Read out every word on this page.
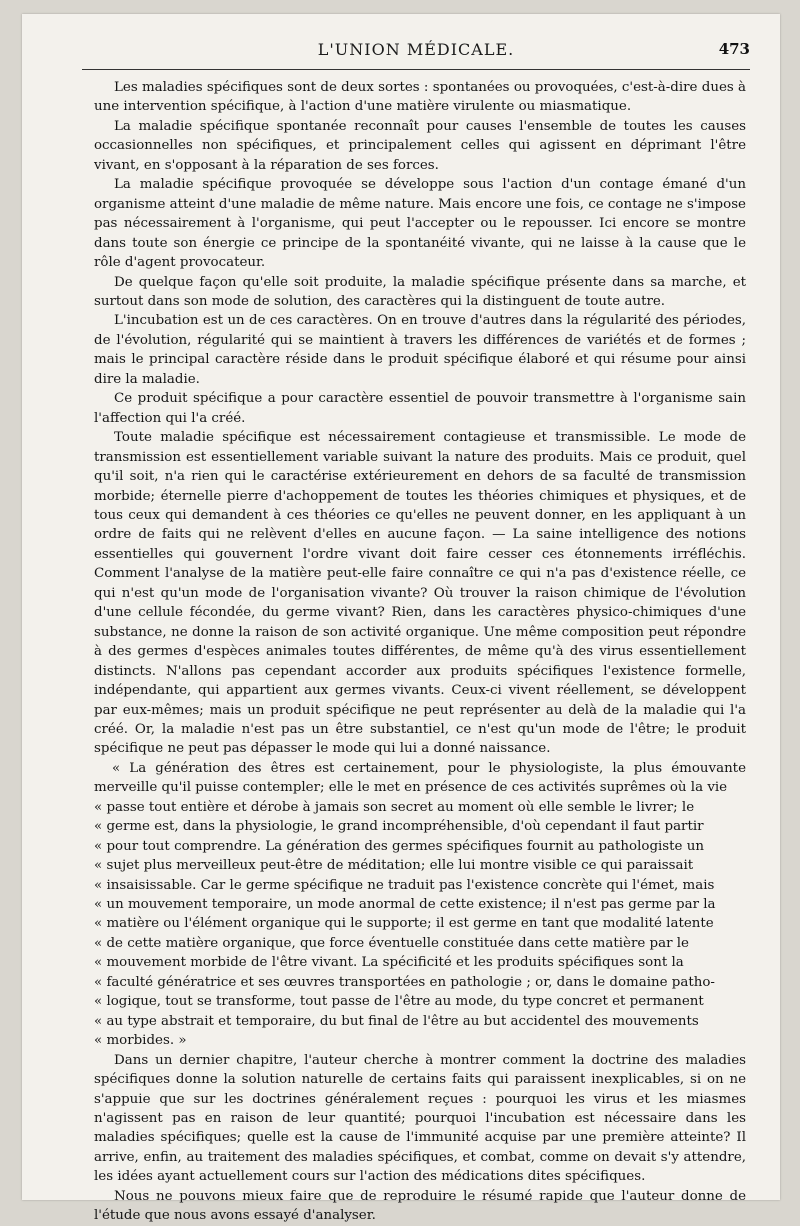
L'UNION MÉDICALE.	473

Les maladies spécifiques sont de deux sortes : spontanées ou provoquées, c'est-à-dire dues à une intervention spécifique, à l'action d'une matière virulente ou miasmatique.

La maladie spécifique spontanée reconnaît pour causes l'ensemble de toutes les causes occasionnelles non spécifiques, et principalement celles qui agissent en déprimant l'être vivant, en s'opposant à la réparation de ses forces.

La maladie spécifique provoquée se développe sous l'action d'un contage émané d'un organisme atteint d'une maladie de même nature. Mais encore une fois, ce contage ne s'impose pas nécessairement à l'organisme, qui peut l'accepter ou le repousser. Ici encore se montre dans toute son énergie ce principe de la spontanéité vivante, qui ne laisse à la cause que le rôle d'agent provocateur.

De quelque façon qu'elle soit produite, la maladie spécifique présente dans sa marche, et surtout dans son mode de solution, des caractères qui la distinguent de toute autre.

L'incubation est un de ces caractères. On en trouve d'autres dans la régularité des périodes, de l'évolution, régularité qui se maintient à travers les différences de variétés et de formes ; mais le principal caractère réside dans le produit spécifique élaboré et qui résume pour ainsi dire la maladie.

Ce produit spécifique a pour caractère essentiel de pouvoir transmettre à l'organisme sain l'affection qui l'a créé.

Toute maladie spécifique est nécessairement contagieuse et transmissible. Le mode de transmission est essentiellement variable suivant la nature des produits. Mais ce produit, quel qu'il soit, n'a rien qui le caractérise extérieurement en dehors de sa faculté de transmission morbide; éternelle pierre d'achoppement de toutes les théories chimiques et physiques, et de tous ceux qui demandent à ces théories ce qu'elles ne peuvent donner, en les appliquant à un ordre de faits qui ne relèvent d'elles en aucune façon. — La saine intelligence des notions essentielles qui gouvernent l'ordre vivant doit faire cesser ces étonnements irréfléchis. Comment l'analyse de la matière peut-elle faire connaître ce qui n'a pas d'existence réelle, ce qui n'est qu'un mode de l'organisation vivante? Où trouver la raison chimique de l'évolution d'une cellule fécondée, du germe vivant? Rien, dans les caractères physico-chimiques d'une substance, ne donne la raison de son activité organique. Une même composition peut répondre à des germes d'espèces animales toutes différentes, de même qu'à des virus essentiellement distincts. N'allons pas cependant accorder aux produits spécifiques l'existence formelle, indépendante, qui appartient aux germes vivants. Ceux-ci vivent réellement, se développent par eux-mêmes; mais un produit spécifique ne peut représenter au delà de la maladie qui l'a créé. Or, la maladie n'est pas un être substantiel, ce n'est qu'un mode de l'être; le produit spécifique ne peut pas dépasser le mode qui lui a donné naissance.

« La génération des êtres est certainement, pour le physiologiste, la plus émouvante merveille qu'il puisse contempler; elle le met en présence de ces activités suprêmes où la vie

« passe tout entière et dérobe à jamais son secret au moment où elle semble le livrer; le

« germe est, dans la physiologie, le grand incompréhensible, d'où cependant il faut partir

« pour tout comprendre. La génération des germes spécifiques fournit au pathologiste un

« sujet plus merveilleux peut-être de méditation; elle lui montre visible ce qui paraissait

« insaisissable. Car le germe spécifique ne traduit pas l'existence concrète qui l'émet, mais

« un mouvement temporaire, un mode anormal de cette existence; il n'est pas germe par la

« matière ou l'élément organique qui le supporte; il est germe en tant que modalité latente

« de cette matière organique, que force éventuelle constituée dans cette matière par le

« mouvement morbide de l'être vivant. La spécificité et les produits spécifiques sont la

« faculté génératrice et ses œuvres transportées en pathologie ; or, dans le domaine patho-

« logique, tout se transforme, tout passe de l'être au mode, du type concret et permanent

« au type abstrait et temporaire, du but final de l'être au but accidentel des mouvements

« morbides. »

Dans un dernier chapitre, l'auteur cherche à montrer comment la doctrine des maladies spécifiques donne la solution naturelle de certains faits qui paraissent inexplicables, si on ne s'appuie que sur les doctrines généralement reçues : pourquoi les virus et les miasmes n'agissent pas en raison de leur quantité; pourquoi l'incubation est nécessaire dans les maladies spécifiques; quelle est la cause de l'immunité acquise par une première atteinte? Il arrive, enfin, au traitement des maladies spécifiques, et combat, comme on devait s'y attendre, les idées ayant actuellement cours sur l'action des médications dites spécifiques.

Nous ne pouvons mieux faire que de reproduire le résumé rapide que l'auteur donne de l'étude que nous avons essayé d'analyser.
